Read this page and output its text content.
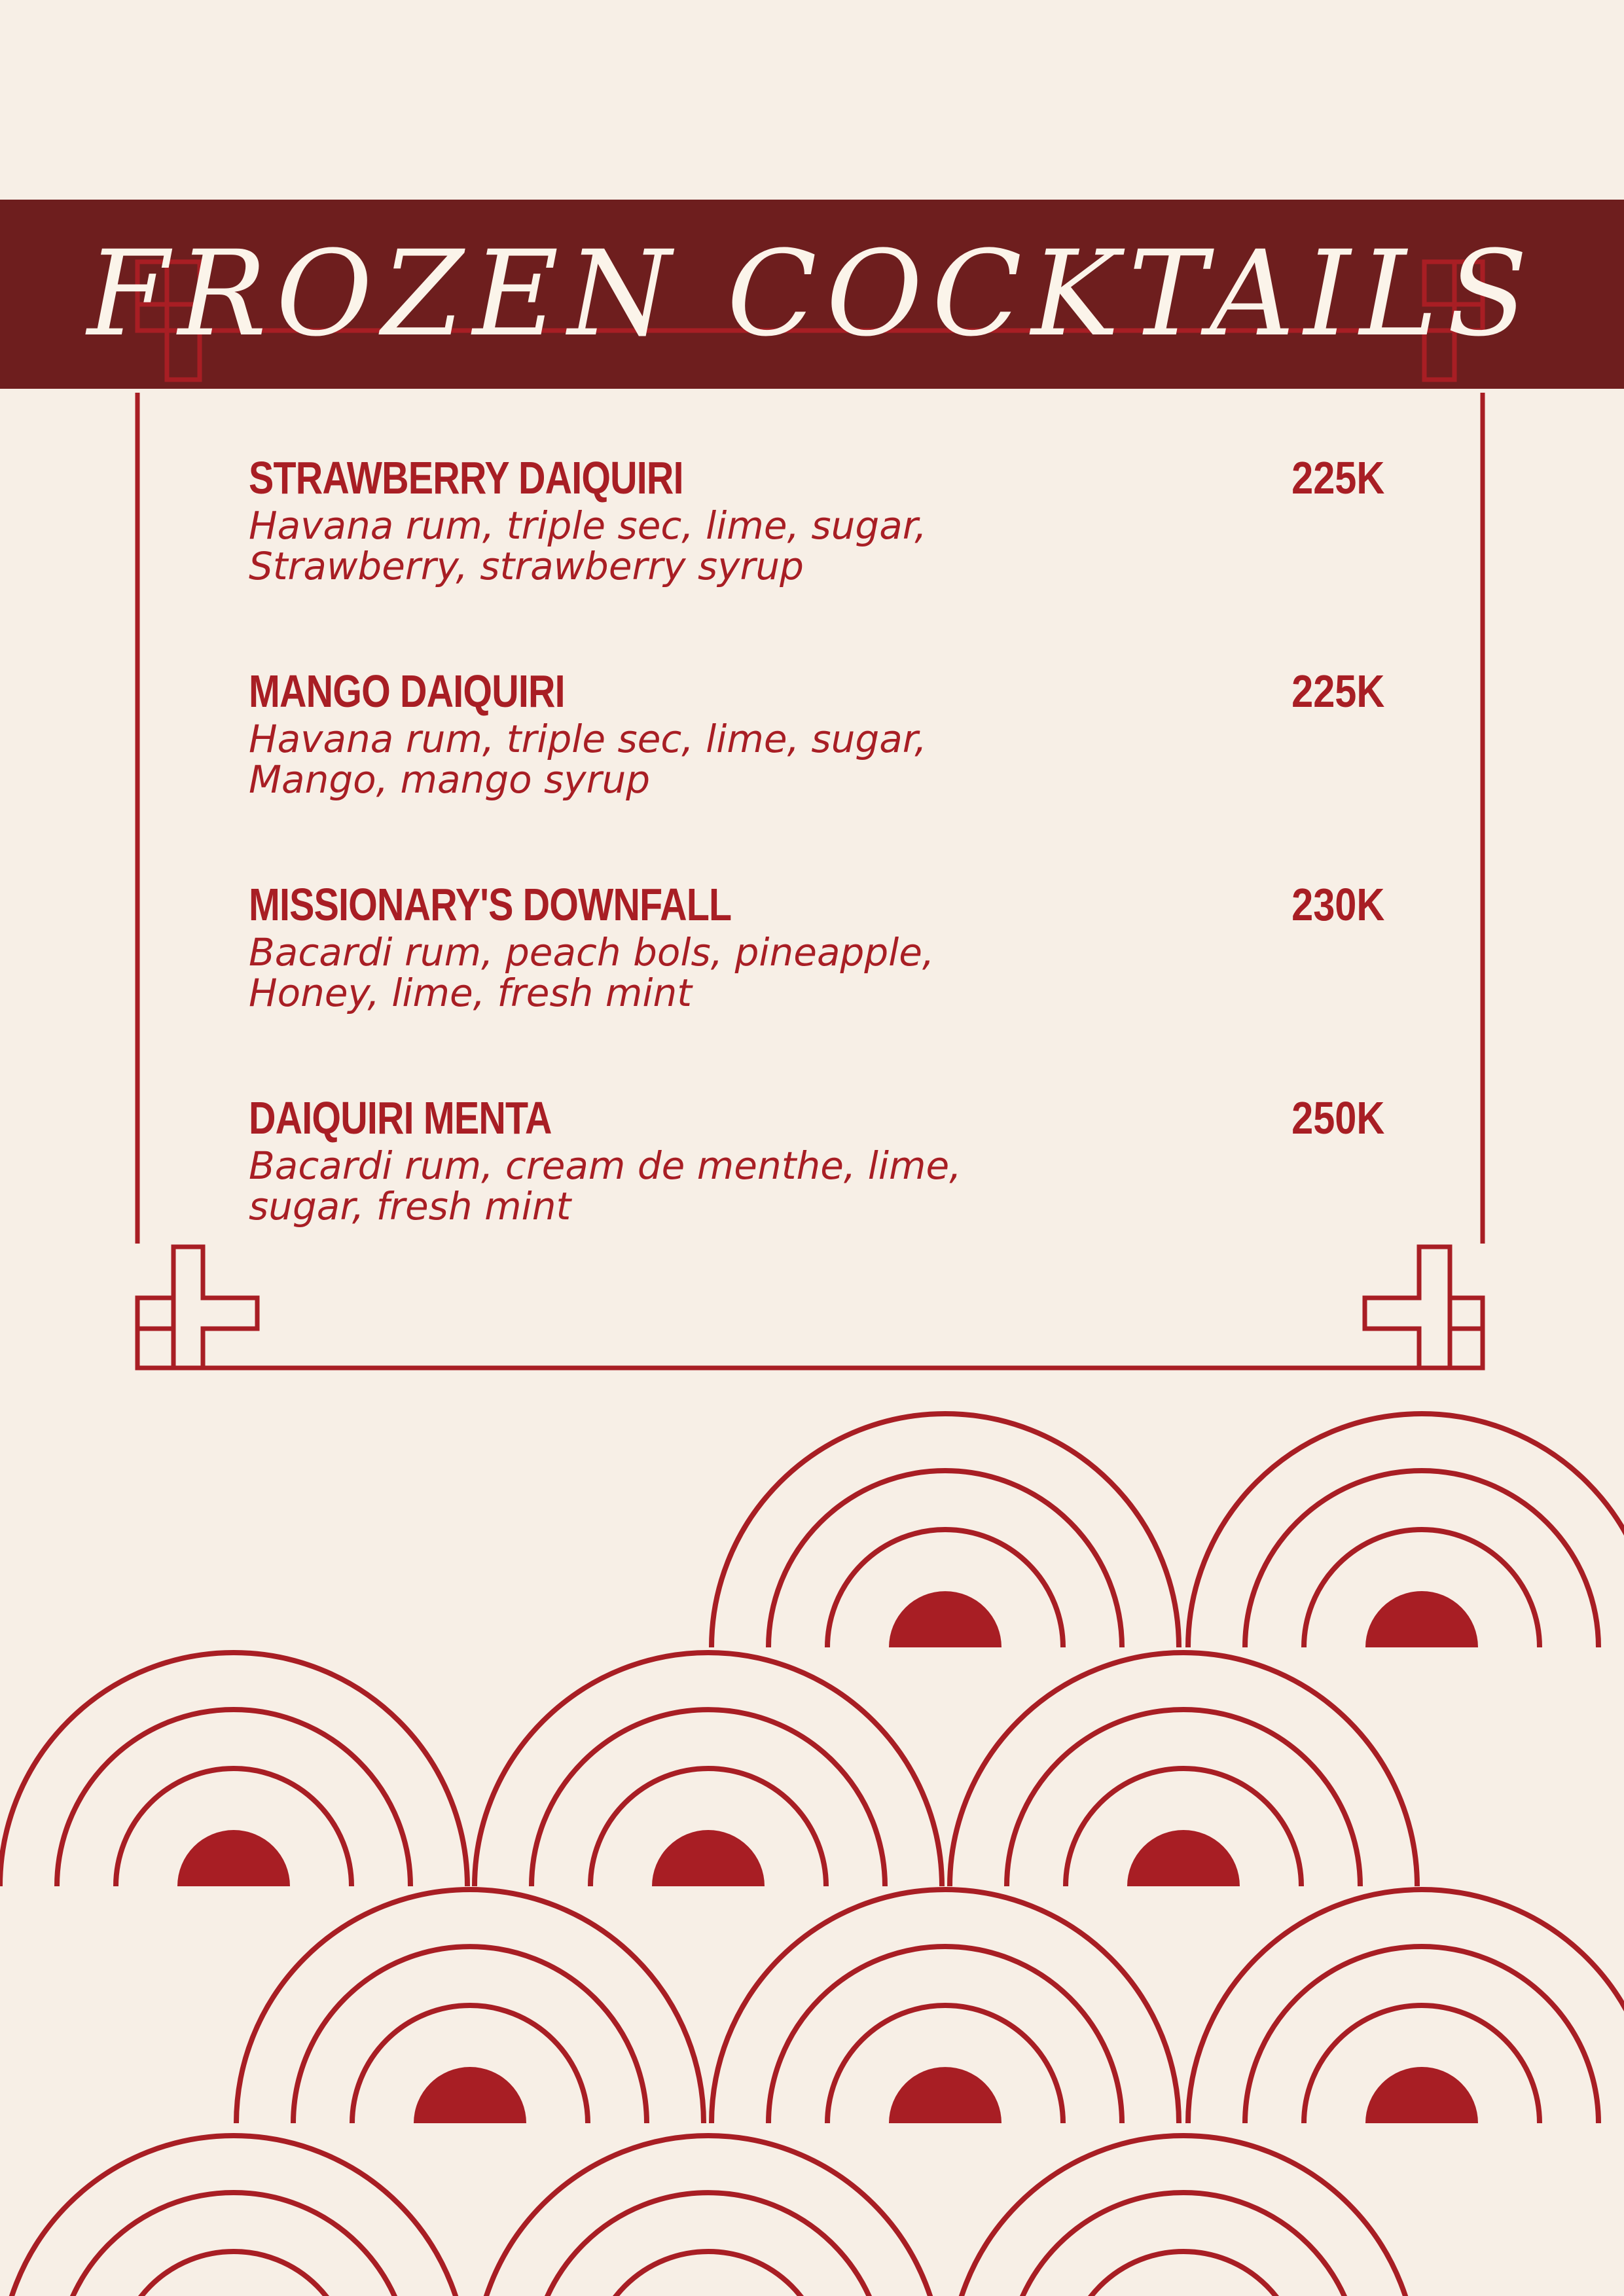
FROZEN COCKTAILS
STRAWBERRY DAIQUIRI	225K
Havana rum, triple sec, lime, sugar,
Strawberry, strawberry syrup
MANGO DAIQUIRI	225K
Havana rum, triple sec, lime, sugar,
Mango, mango syrup
MISSIONARY'S DOWNFALL	230K
Bacardi rum, peach bols, pineapple,
Honey, lime, fresh mint
DAIQUIRI MENTA	250K
Bacardi rum, cream de menthe, lime,
sugar, fresh mint
